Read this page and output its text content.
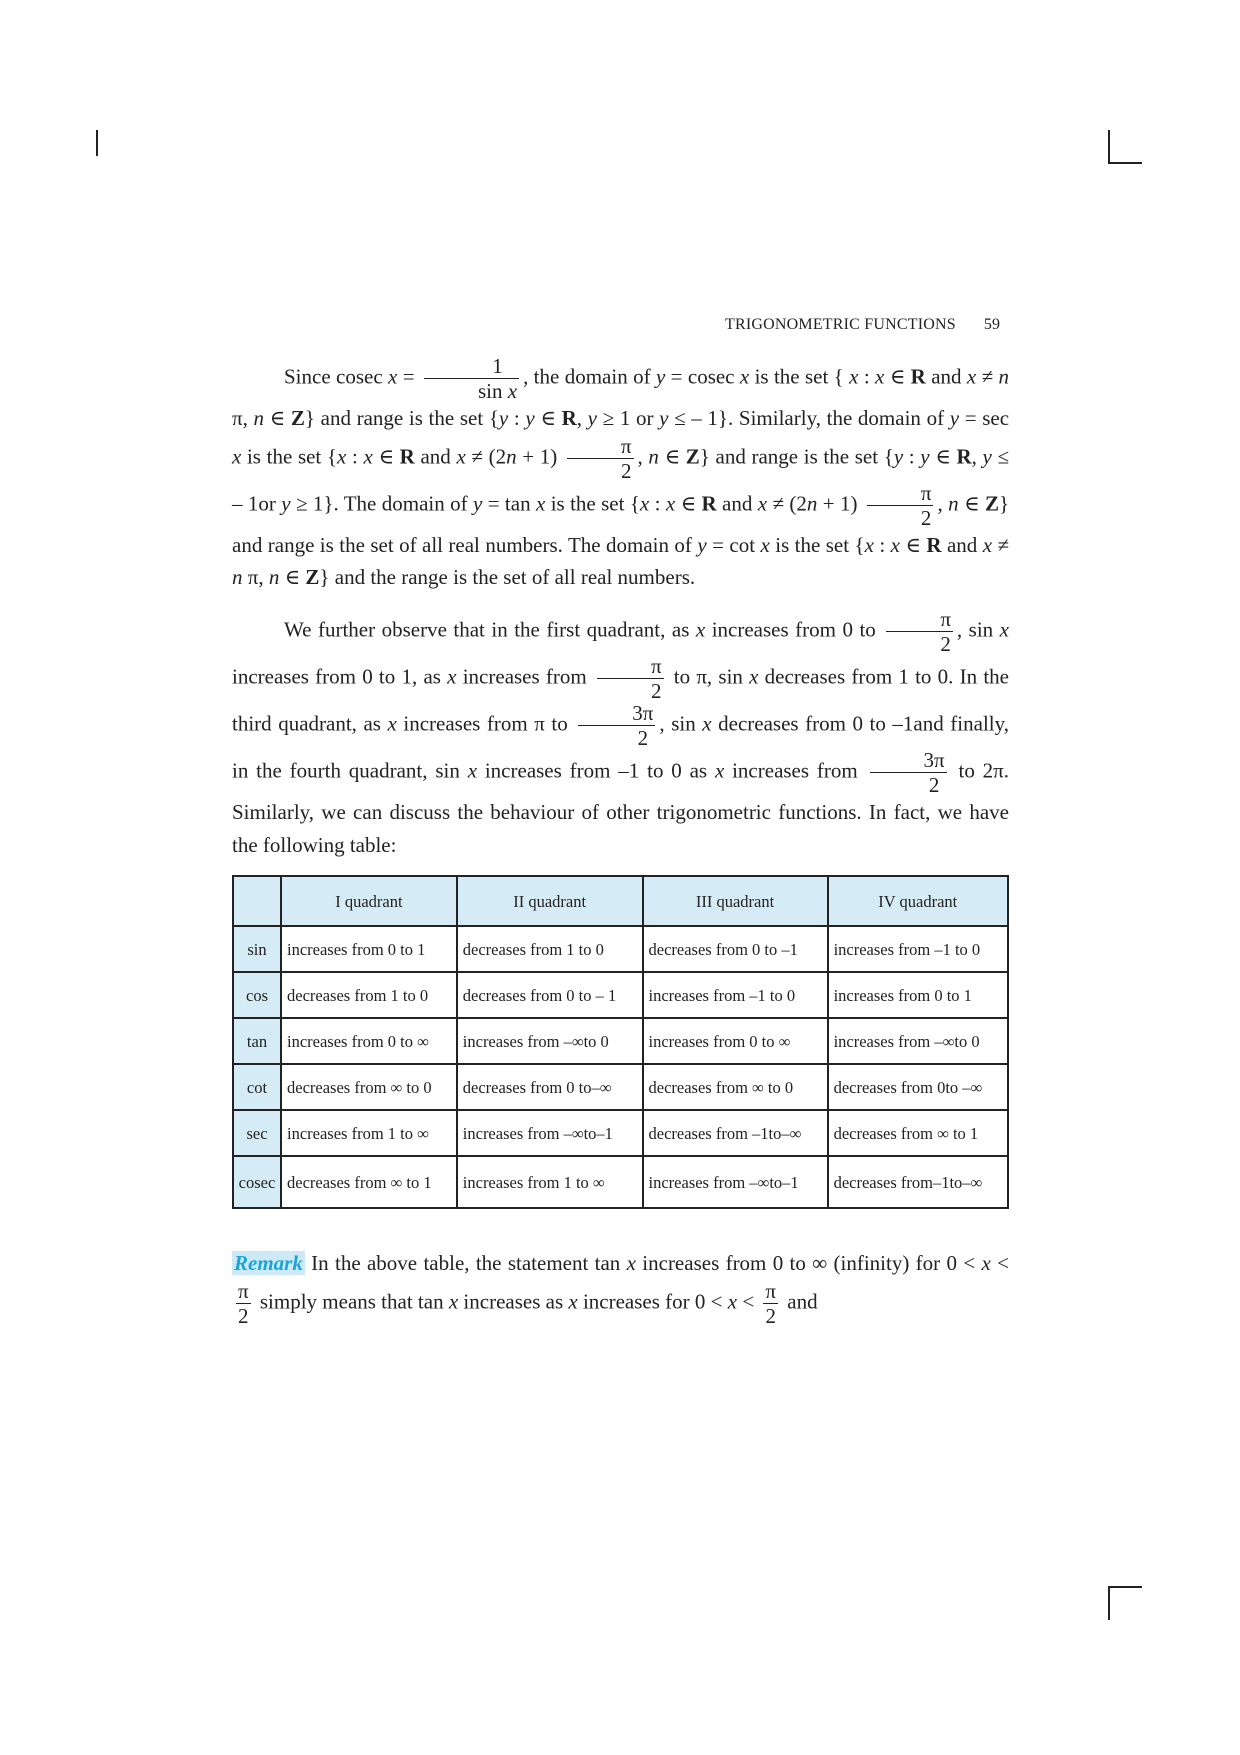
TRIGONOMETRIC FUNCTIONS 59

Since cosec $x = \frac{1}{\text{sin x}}$ , the domain of y = cosec x is the set { x : x ∈ R and x ≠ n π, n ∈ Z} and range is the set {y : y ∈ R, y ≥ 1 or y ≤ – 1}. Similarly, the domain of y = sec x is the set {x : x ∈ R and $x \ne (2n + 1) \frac{\pi}{2}$ , n ∈ Z} and range is the set {y : y ∈ R, y ≤ – 1or y ≥ 1}. The domain of y = tan x is the set {x : x ∈ R and $x \ne (2n + 1) \frac{\pi}{2}$ , n ∈ Z} and range is the set of all real numbers. The domain of y = cot x is the set {x : x ∈ R and x ≠ n π, n ∈ Z} and the range is the set of all real numbers.

We further observe that in the first quadrant, as x increases from 0 to $\frac{\pi}{2}$ , sin x increases from 0 to 1, as x increases from $\frac{\pi}{2}$ to π, sin x decreases from 1 to 0. In the third quadrant, as x increases from π to $\frac{3\pi}{2}$ , sin x decreases from 0 to –1and finally, in the fourth quadrant, sin x increases from –1 to 0 as x increases from $\frac{3\pi}{2}$ to 2π. Similarly, we can discuss the behaviour of other trigonometric functions. In fact, we have the following table:

	I quadrant	II quadrant	III quadrant	IV quadrant
sin	increases from 0 to 1	decreases from 1 to 0	decreases from 0 to –1	increases from –1 to 0
cos	decreases from 1 to 0	decreases from 0 to – 1	increases from –1 to 0	increases from 0 to 1
tan	increases from 0 to ∞	increases from –∞to 0	increases from 0 to ∞	increases from –∞to 0
cot	decreases from ∞ to 0	decreases from 0 to–∞	decreases from ∞ to 0	decreases from 0to –∞
sec	increases from 1 to ∞	increases from –∞to–1	decreases from –1to–∞	decreases from ∞ to 1
cosec	decreases from ∞ to 1	increases from 1 to ∞	increases from –∞to–1	decreases from–1to–∞

Remark In the above table, the statement tan x increases from 0 to ∞ (infinity) for 0 < x <
$\frac{\pi}{2}$ simply means that tan x increases as x increases for $0 < x < \frac{\pi}{2}$ and
